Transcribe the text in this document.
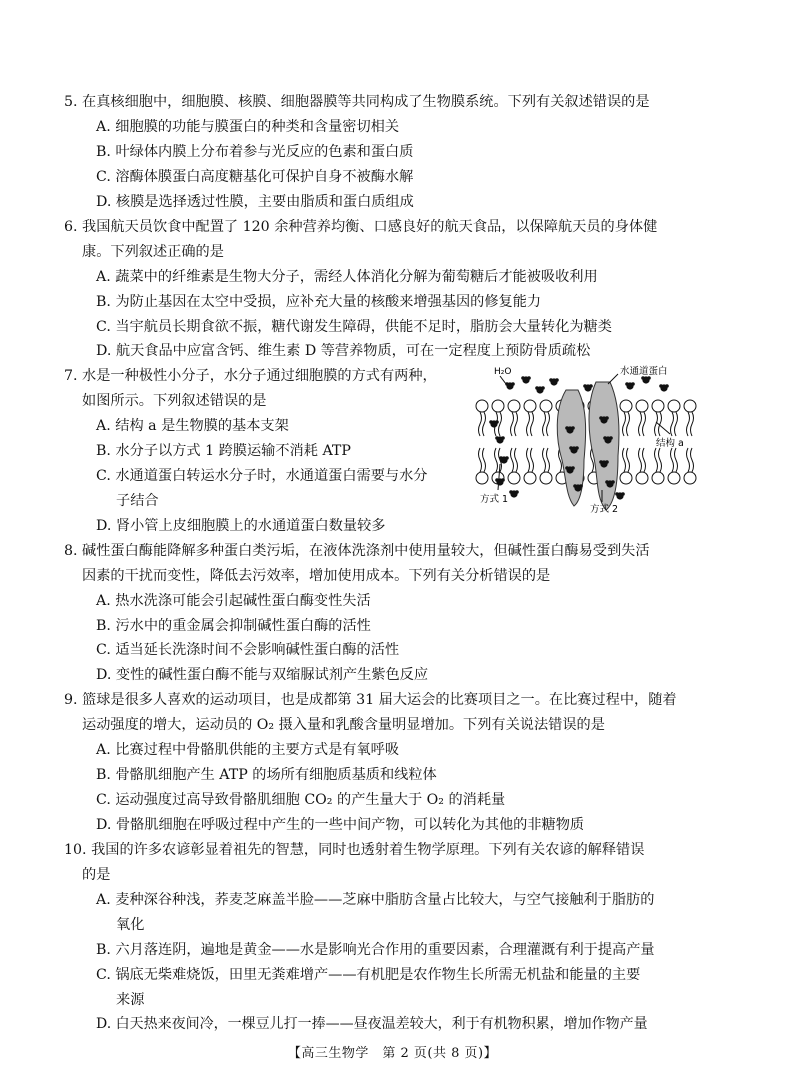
5. 在真核细胞中，细胞膜、核膜、细胞器膜等共同构成了生物膜系统。下列有关叙述错误的是
A. 细胞膜的功能与膜蛋白的种类和含量密切相关
B. 叶绿体内膜上分布着参与光反应的色素和蛋白质
C. 溶酶体膜蛋白高度糖基化可保护自身不被酶水解
D. 核膜是选择透过性膜，主要由脂质和蛋白质组成
6. 我国航天员饮食中配置了 120 余种营养均衡、口感良好的航天食品，以保障航天员的身体健
康。下列叙述正确的是
A. 蔬菜中的纤维素是生物大分子，需经人体消化分解为葡萄糖后才能被吸收利用
B. 为防止基因在太空中受损，应补充大量的核酸来增强基因的修复能力
C. 当宇航员长期食欲不振，糖代谢发生障碍，供能不足时，脂肪会大量转化为糖类
D. 航天食品中应富含钙、维生素 D 等营养物质，可在一定程度上预防骨质疏松
7. 水是一种极性小分子，水分子通过细胞膜的方式有两种，
如图所示。下列叙述错误的是
A. 结构 a 是生物膜的基本支架
B. 水分子以方式 1 跨膜运输不消耗 ATP
C. 水通道蛋白转运水分子时，水通道蛋白需要与水分
子结合
D. 肾小管上皮细胞膜上的水通道蛋白数量较多
H₂O	水通道蛋白
结构 a
方式 1
方式 2
8. 碱性蛋白酶能降解多种蛋白类污垢，在液体洗涤剂中使用量较大，但碱性蛋白酶易受到失活
因素的干扰而变性，降低去污效率，增加使用成本。下列有关分析错误的是
A. 热水洗涤可能会引起碱性蛋白酶变性失活
B. 污水中的重金属会抑制碱性蛋白酶的活性
C. 适当延长洗涤时间不会影响碱性蛋白酶的活性
D. 变性的碱性蛋白酶不能与双缩脲试剂产生紫色反应
9. 篮球是很多人喜欢的运动项目，也是成都第 31 届大运会的比赛项目之一。在比赛过程中，随着
运动强度的增大，运动员的 O₂ 摄入量和乳酸含量明显增加。下列有关说法错误的是
A. 比赛过程中骨骼肌供能的主要方式是有氧呼吸
B. 骨骼肌细胞产生 ATP 的场所有细胞质基质和线粒体
C. 运动强度过高导致骨骼肌细胞 CO₂ 的产生量大于 O₂ 的消耗量
D. 骨骼肌细胞在呼吸过程中产生的一些中间产物，可以转化为其他的非糖物质
10. 我国的许多农谚彰显着祖先的智慧，同时也透射着生物学原理。下列有关农谚的解释错误
的是
A. 麦种深谷种浅，荞麦芝麻盖半脸——芝麻中脂肪含量占比较大，与空气接触利于脂肪的
氧化
B. 六月落连阴，遍地是黄金——水是影响光合作用的重要因素，合理灌溉有利于提高产量
C. 锅底无柴难烧饭，田里无粪难增产——有机肥是农作物生长所需无机盐和能量的主要
来源
D. 白天热来夜间冷，一棵豆儿打一捧——昼夜温差较大，利于有机物积累，增加作物产量
【高三生物学　第 2 页(共 8 页)】
